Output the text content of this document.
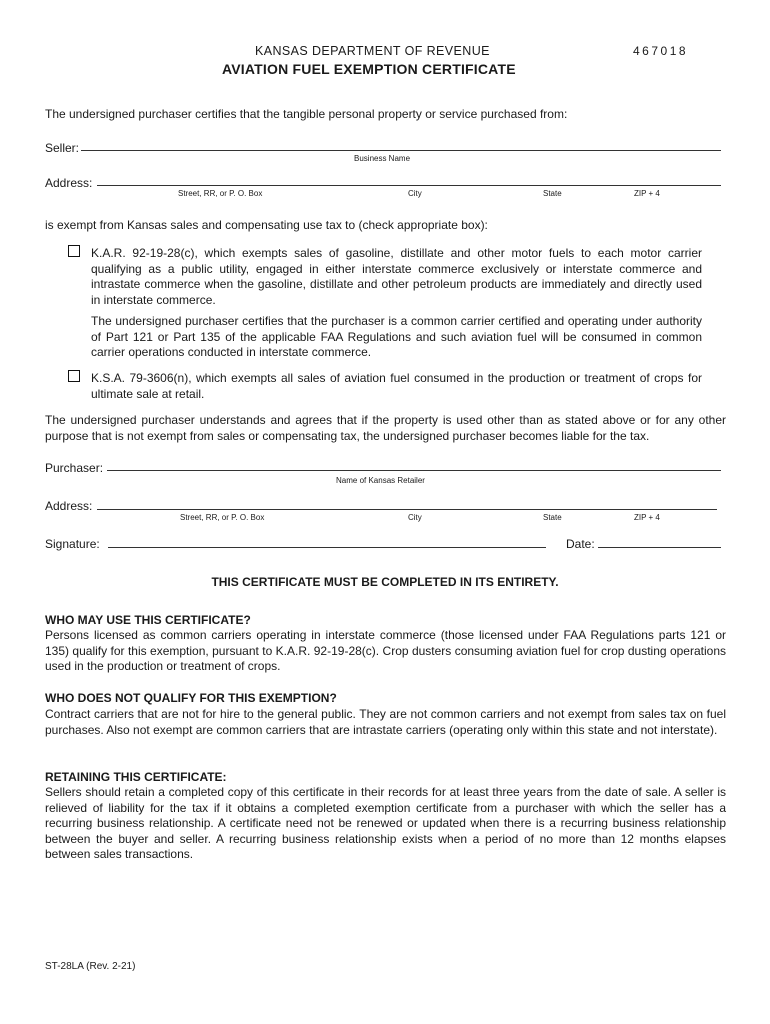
KANSAS DEPARTMENT OF REVENUE	467018
AVIATION FUEL EXEMPTION CERTIFICATE
The undersigned purchaser certifies that the tangible personal property or service purchased from:
Seller:
Business Name
Address:
Street, RR, or P. O. Box	City	State	ZIP + 4
is exempt from Kansas sales and compensating use tax to (check appropriate box):
K.A.R. 92-19-28(c), which exempts sales of gasoline, distillate and other motor fuels to each motor carrier qualifying as a public utility, engaged in either interstate commerce exclusively or interstate commerce and intrastate commerce when the gasoline, distillate and other petroleum products are immediately and directly used in interstate commerce.
The undersigned purchaser certifies that the purchaser is a common carrier certified and operating under authority of Part 121 or Part 135 of the applicable FAA Regulations and such aviation fuel will be consumed in common carrier operations conducted in interstate commerce.
K.S.A. 79-3606(n), which exempts all sales of aviation fuel consumed in the production or treatment of crops for ultimate sale at retail.
The undersigned purchaser understands and agrees that if the property is used other than as stated above or for any other purpose that is not exempt from sales or compensating tax, the undersigned purchaser becomes liable for the tax.
Purchaser:
Name of Kansas Retailer
Address:
Street, RR, or P. O. Box	City	State	ZIP + 4
Signature:	Date:
THIS CERTIFICATE MUST BE COMPLETED IN ITS ENTIRETY.
WHO MAY USE THIS CERTIFICATE?
Persons licensed as common carriers operating in interstate commerce (those licensed under FAA Regulations parts 121 or 135) qualify for this exemption, pursuant to K.A.R. 92-19-28(c). Crop dusters consuming aviation fuel for crop dusting operations used in the production or treatment of crops.
WHO DOES NOT QUALIFY FOR THIS EXEMPTION?
Contract carriers that are not for hire to the general public. They are not common carriers and not exempt from sales tax on fuel purchases. Also not exempt are common carriers that are intrastate carriers (operating only within this state and not interstate).
RETAINING THIS CERTIFICATE:
Sellers should retain a completed copy of this certificate in their records for at least three years from the date of sale. A seller is relieved of liability for the tax if it obtains a completed exemption certificate from a purchaser with which the seller has a recurring business relationship. A certificate need not be renewed or updated when there is a recurring business relationship between the buyer and seller. A recurring business relationship exists when a period of no more than 12 months elapses between sales transactions.
ST-28LA (Rev. 2-21)
